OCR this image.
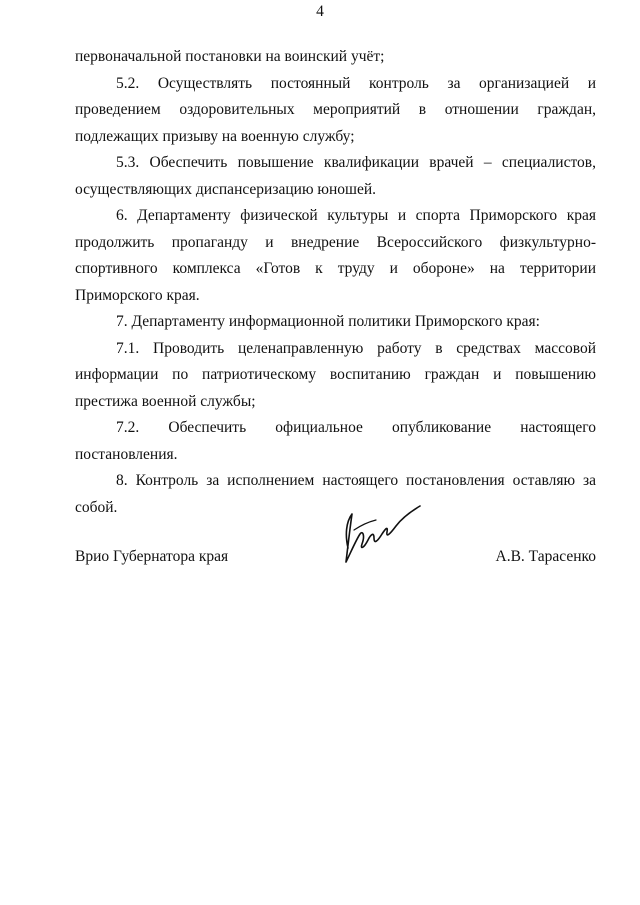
4

первоначальной постановки на воинский учёт;

5.2. Осуществлять постоянный контроль за организацией и проведением оздоровительных мероприятий в отношении граждан, подлежащих призыву на военную службу;

5.3. Обеспечить повышение квалификации врачей – специалистов, осуществляющих диспансеризацию юношей.

6. Департаменту физической культуры и спорта Приморского края продолжить пропаганду и внедрение Всероссийского физкультурно-спортивного комплекса «Готов к труду и обороне» на территории Приморского края.

7. Департаменту информационной политики Приморского края:

7.1. Проводить целенаправленную работу в средствах массовой информации по патриотическому воспитанию граждан и повышению престижа военной службы;

7.2. Обеспечить официальное опубликование настоящего постановления.

8. Контроль за исполнением настоящего постановления оставляю за собой.

Врио Губернатора края	А.В. Тарасенко
